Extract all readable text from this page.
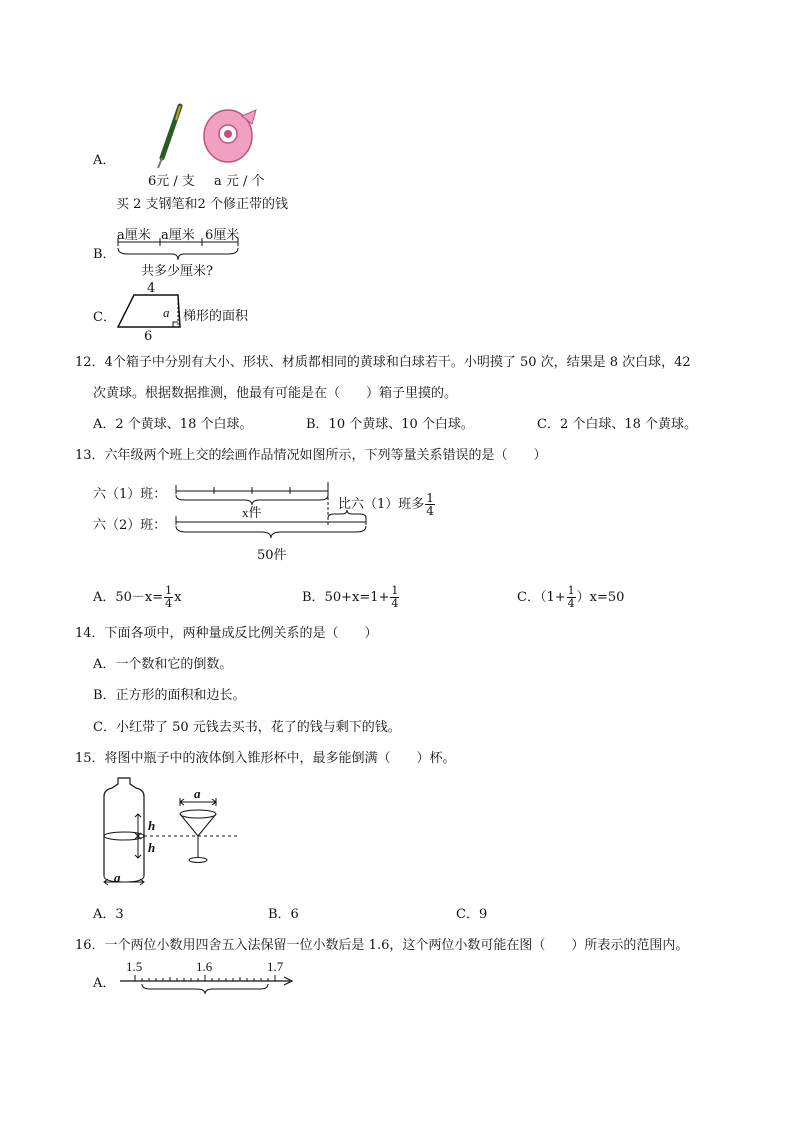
A．
6元 / 支 a 元 / 个
买 2 支钢笔和2 个修正带的钱
B．
a厘米 a厘米 6厘米
共多少厘米?
C．
4
a
6
梯形的面积
12．4个箱子中分别有大小、形状、材质都相同的黄球和白球若干。小明摸了 50 次，结果是 8 次白球，42
次黄球。根据数据推测，他最有可能是在（　　）箱子里摸的。
A．2 个黄球、18 个白球。	B．10 个黄球、10 个白球。	C．2 个白球、18 个黄球。
13．六年级两个班上交的绘画作品情况如图所示，下列等量关系错误的是（　　）
六（1）班：
六（2）班：
x件
比六（1）班多 $\frac{1}{4}$
50件
A．$50-x= \frac{1}{4}$ x	B．$50+x=1+ \frac{1}{4}$	C．$(1+ \frac{1}{4} )x=50$
14．下面各项中，两种量成反比例关系的是（　　）
A．一个数和它的倒数。
B．正方形的面积和边长。
C．小红带了 50 元钱去买书，花了的钱与剩下的钱。
15．将图中瓶子中的液体倒入锥形杯中，最多能倒满（　　）杯。
a
h
h
a
A．3	B．6	C．9
16．一个两位小数用四舍五入法保留一位小数后是 1.6，这个两位小数可能在图（　　）所表示的范围内。
A．
1.5	1.6	1.7
